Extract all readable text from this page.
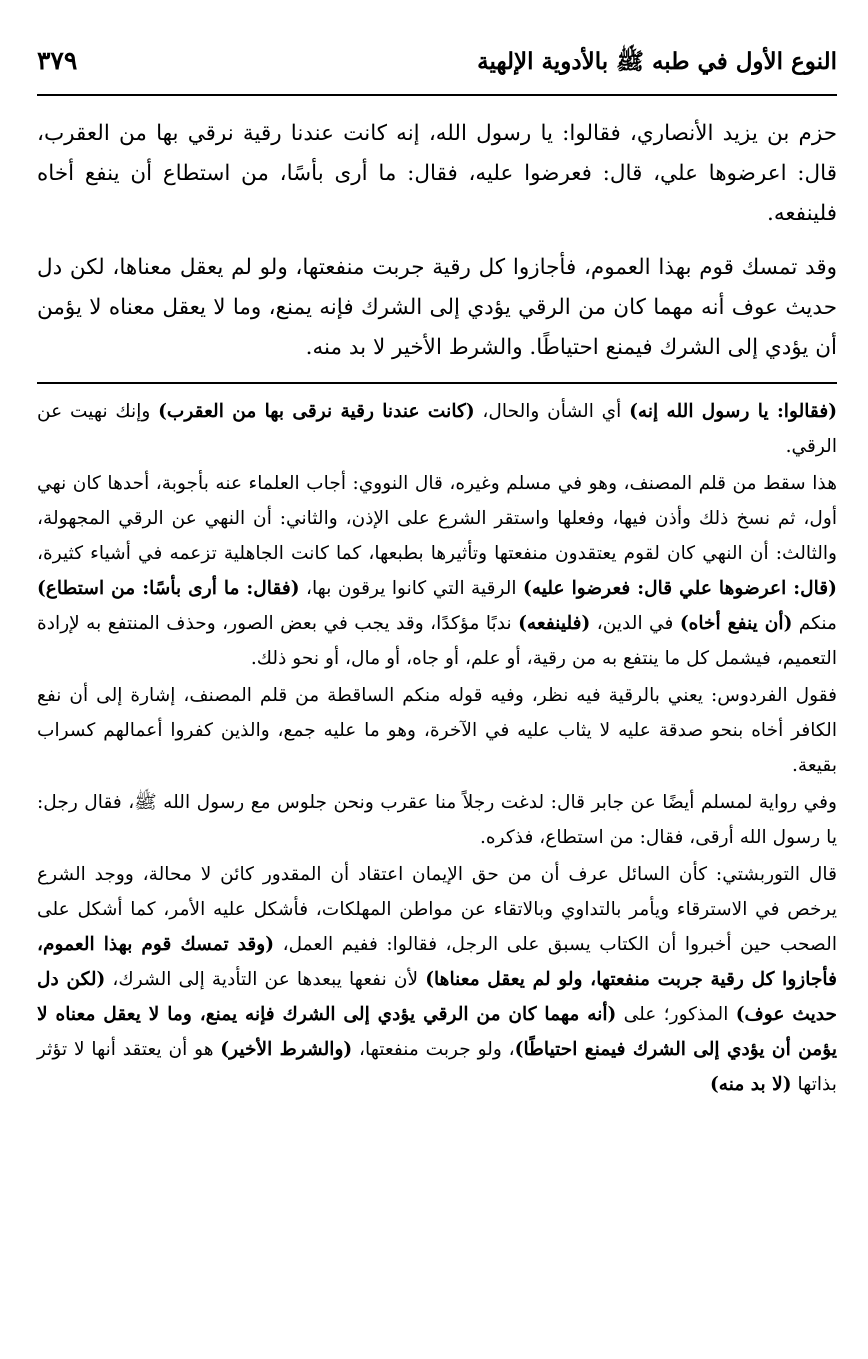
النوع الأول في طبه ﷺ بالأدوية الإلهية
٣٧٩

حزم بن يزيد الأنصاري، فقالوا: يا رسول الله، إنه كانت عندنا رقية نرقي بها من العقرب، قال: اعرضوها علي، قال: فعرضوا عليه، فقال: ما أرى بأسًا، من استطاع أن ينفع أخاه فلينفعه.

وقد تمسك قوم بهذا العموم، فأجازوا كل رقية جربت منفعتها، ولو لم يعقل معناها، لكن دل حديث عوف أنه مهما كان من الرقي يؤدي إلى الشرك فإنه يمنع، وما لا يعقل معناه لا يؤمن أن يؤدي إلى الشرك فيمنع احتياطًا. والشرط الأخير لا بد منه.

(فقالوا: يا رسول الله إنه) أي الشأن والحال، (كانت عندنا رقية نرقى بها من العقرب) وإنك نهيت عن الرقي.

هذا سقط من قلم المصنف، وهو في مسلم وغيره، قال النووي: أجاب العلماء عنه بأجوبة، أحدها كان نهي أول، ثم نسخ ذلك وأذن فيها، وفعلها واستقر الشرع على الإذن، والثاني: أن النهي عن الرقي المجهولة، والثالث: أن النهي كان لقوم يعتقدون منفعتها وتأثيرها بطبعها، كما كانت الجاهلية تزعمه في أشياء كثيرة، (قال: اعرضوها علي قال: فعرضوا عليه) الرقية التي كانوا يرقون بها، (فقال: ما أرى بأسًا: من استطاع) منكم (أن ينفع أخاه) في الدين، (فلينفعه) ندبًا مؤكدًا، وقد يجب في بعض الصور، وحذف المنتفع به لإرادة التعميم، فيشمل كل ما ينتفع به من رقية، أو علم، أو جاه، أو مال، أو نحو ذلك.

فقول الفردوس: يعني بالرقية فيه نظر، وفيه قوله منكم الساقطة من قلم المصنف، إشارة إلى أن نفع الكافر أخاه بنحو صدقة عليه لا يثاب عليه في الآخرة، وهو ما عليه جمع، والذين كفروا أعمالهم كسراب بقيعة.

وفي رواية لمسلم أيضًا عن جابر قال: لدغت رجلاً منا عقرب ونحن جلوس مع رسول الله ﷺ، فقال رجل: يا رسول الله أرقى، فقال: من استطاع، فذكره.

قال التوربشتي: كأن السائل عرف أن من حق الإيمان اعتقاد أن المقدور كائن لا محالة، ووجد الشرع يرخص في الاسترقاء ويأمر بالتداوي وبالاتقاء عن مواطن المهلكات، فأشكل عليه الأمر، كما أشكل على الصحب حين أخبروا أن الكتاب يسبق على الرجل، فقالوا: ففيم العمل، (وقد تمسك قوم بهذا العموم، فأجازوا كل رقية جربت منفعتها، ولو لم يعقل معناها) لأن نفعها يبعدها عن التأدية إلى الشرك، (لكن دل حديث عوف) المذكور؛ على (أنه مهما كان من الرقي يؤدي إلى الشرك فإنه يمنع، وما لا يعقل معناه لا يؤمن أن يؤدي إلى الشرك فيمنع احتياطًا)، ولو جربت منفعتها، (والشرط الأخير) هو أن يعتقد أنها لا تؤثر بذاتها (لا بد منه)
